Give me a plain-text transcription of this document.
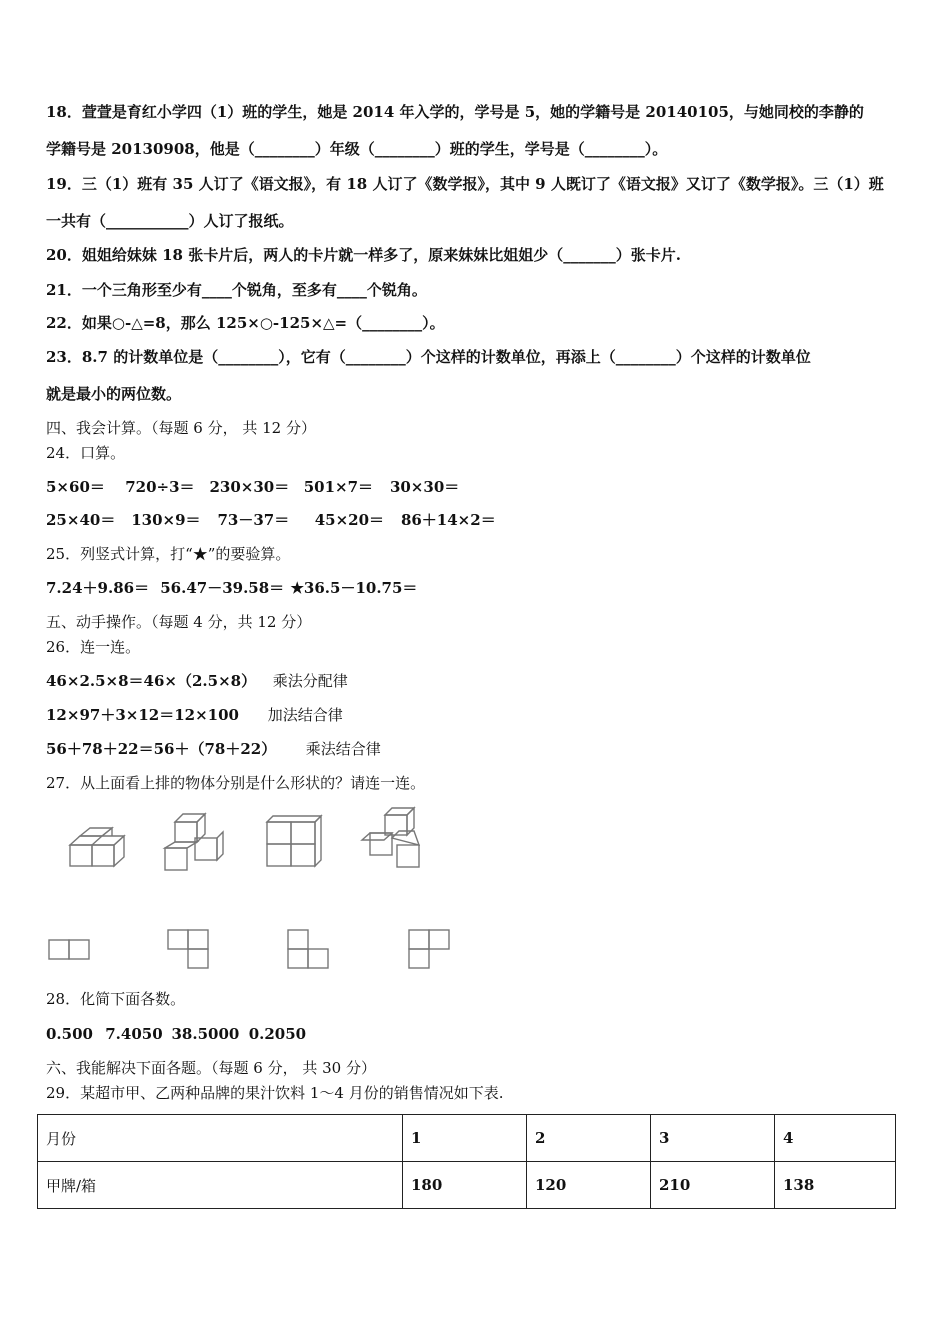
18．萱萱是育红小学四（1）班的学生，她是 2014 年入学的，学号是 5，她的学籍号是 20140105，与她同校的李静的
学籍号是 20130908，他是（________）年级（________）班的学生，学号是（________）。
19．三（1）班有 35 人订了《语文报》，有 18 人订了《数学报》，其中 9 人既订了《语文报》又订了《数学报》。三（1）班
一共有（___________）人订了报纸。
20．姐姐给妹妹 18 张卡片后，两人的卡片就一样多了，原来妹妹比姐姐少（_______）张卡片.
21．一个三角形至少有____个锐角，至多有____个锐角。
22．如果○-△=8，那么 125×○-125×△=（________）。
23．8.7 的计数单位是（________），它有（________）个这样的计数单位，再添上（________）个这样的计数单位
就是最小的两位数。
四、我会计算。（每题 6 分， 共 12 分）
24．口算。
5×60＝ 720÷3＝ 230×30＝ 501×7＝ 30×30＝
25×40＝ 130×9＝ 73－37＝ 45×20＝ 86＋14×2＝
25．列竖式计算，打“★”的要验算。
7.24＋9.86＝ 56.47－39.58＝ ★36.5－10.75＝
五、动手操作。（每题 4 分，共 12 分）
26．连一连。
46×2.5×8＝46×（2.5×8） 乘法分配律
12×97＋3×12＝12×100 加法结合律
56＋78＋22＝56＋（78＋22） 乘法结合律
27．从上面看上排的物体分别是什么形状的？请连一连。
28．化简下面各数。
0.500 7.4050 38.5000 0.2050
六、我能解决下面各题。（每题 6 分， 共 30 分）
29．某超市甲、乙两种品牌的果汁饮料 1～4 月份的销售情况如下表.
月份	1	2	3	4
甲牌/箱	180	120	210	138
